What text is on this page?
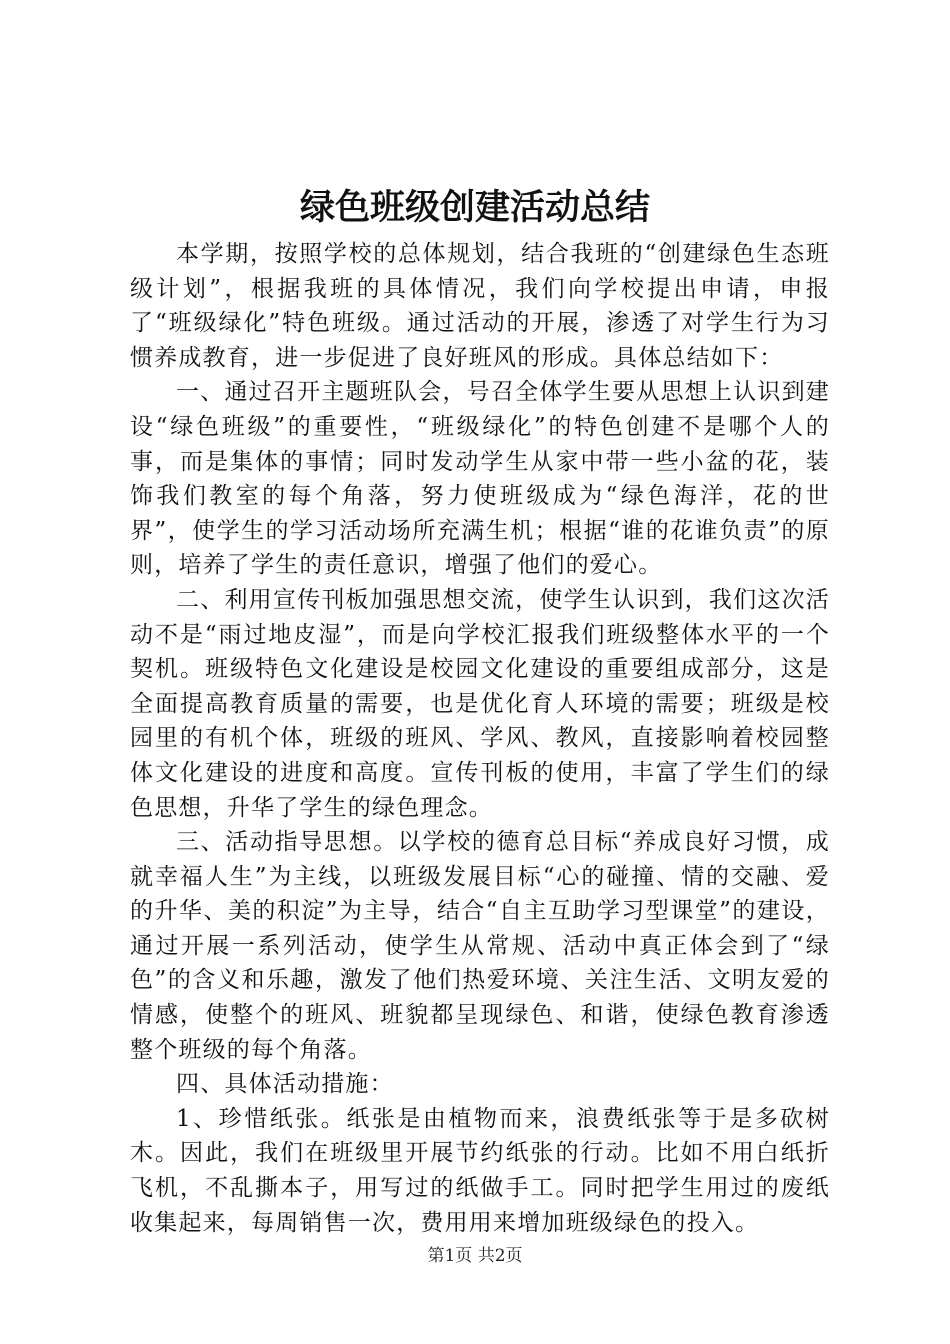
绿色班级创建活动总结

本学期，按照学校的总体规划，结合我班的“创建绿色生态班级计划”，根据我班的具体情况，我们向学校提出申请，申报了“班级绿化”特色班级。通过活动的开展，渗透了对学生行为习惯养成教育，进一步促进了良好班风的形成。具体总结如下：

一、通过召开主题班队会，号召全体学生要从思想上认识到建设“绿色班级”的重要性，“班级绿化”的特色创建不是哪个人的事，而是集体的事情；同时发动学生从家中带一些小盆的花，装饰我们教室的每个角落，努力使班级成为“绿色海洋，花的世界”，使学生的学习活动场所充满生机；根据“谁的花谁负责”的原则，培养了学生的责任意识，增强了他们的爱心。

二、利用宣传刊板加强思想交流，使学生认识到，我们这次活动不是“雨过地皮湿”，而是向学校汇报我们班级整体水平的一个契机。班级特色文化建设是校园文化建设的重要组成部分，这是全面提高教育质量的需要，也是优化育人环境的需要；班级是校园里的有机个体，班级的班风、学风、教风，直接影响着校园整体文化建设的进度和高度。宣传刊板的使用，丰富了学生们的绿色思想，升华了学生的绿色理念。

三、活动指导思想。以学校的德育总目标“养成良好习惯，成就幸福人生”为主线，以班级发展目标“心的碰撞、情的交融、爱的升华、美的积淀”为主导，结合“自主互助学习型课堂”的建设，通过开展一系列活动，使学生从常规、活动中真正体会到了“绿色”的含义和乐趣，激发了他们热爱环境、关注生活、文明友爱的情感，使整个的班风、班貌都呈现绿色、和谐，使绿色教育渗透整个班级的每个角落。

四、具体活动措施：

1、珍惜纸张。纸张是由植物而来，浪费纸张等于是多砍树木。因此，我们在班级里开展节约纸张的行动。比如不用白纸折飞机，不乱撕本子，用写过的纸做手工。同时把学生用过的废纸收集起来，每周销售一次，费用用来增加班级绿色的投入。

第1页 共2页
